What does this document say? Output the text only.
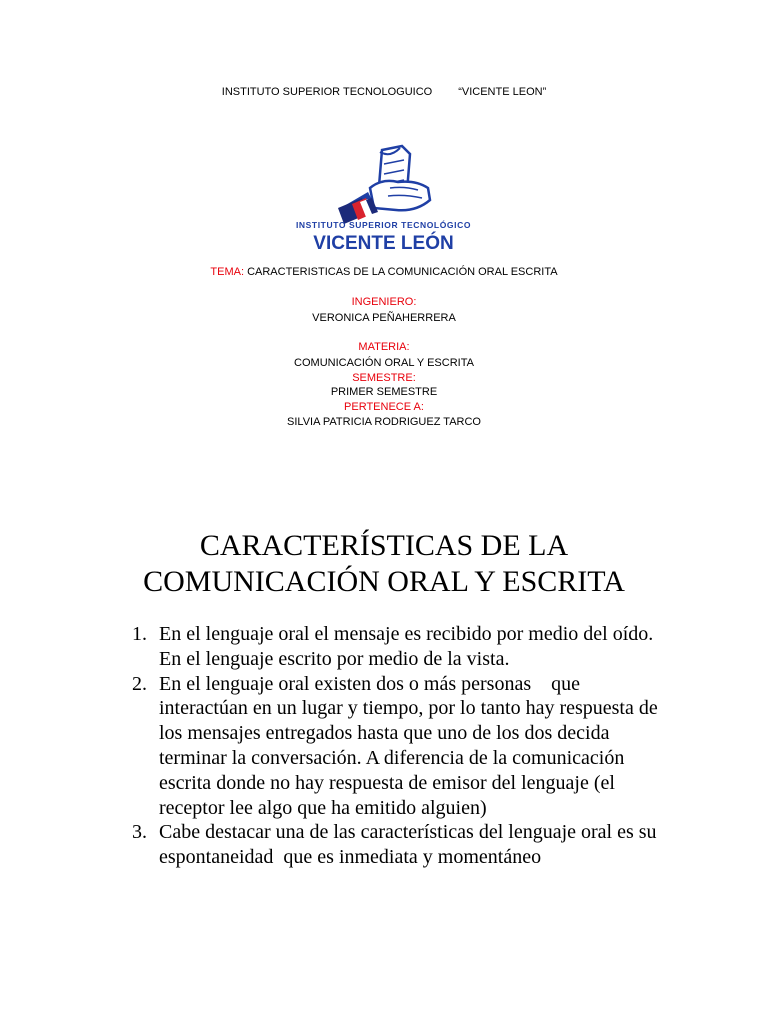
INSTITUTO SUPERIOR TECNOLOGUICO “VICENTE LEON”
INSTITUTO SUPERIOR TECNOLÓGICO
VICENTE LEÓN
TEMA: CARACTERISTICAS DE LA COMUNICACIÓN ORAL ESCRITA
INGENIERO:
VERONICA PEÑAHERRERA
MATERIA:
COMUNICACIÓN ORAL Y ESCRITA
SEMESTRE:
PRIMER SEMESTRE
PERTENECE A:
SILVIA PATRICIA RODRIGUEZ TARCO
CARACTERÍSTICAS DE LA
COMUNICACIÓN ORAL Y ESCRITA
1. En el lenguaje oral el mensaje es recibido por medio del oído. En el lenguaje escrito por medio de la vista.
2. En el lenguaje oral existen dos o más personas    que interactúan en un lugar y tiempo, por lo tanto hay respuesta de los mensajes entregados hasta que uno de los dos decida terminar la conversación. A diferencia de la comunicación escrita donde no hay respuesta de emisor del lenguaje (el receptor lee algo que ha emitido alguien)
3. Cabe destacar una de las características del lenguaje oral es su espontaneidad  que es inmediata y momentáneo
